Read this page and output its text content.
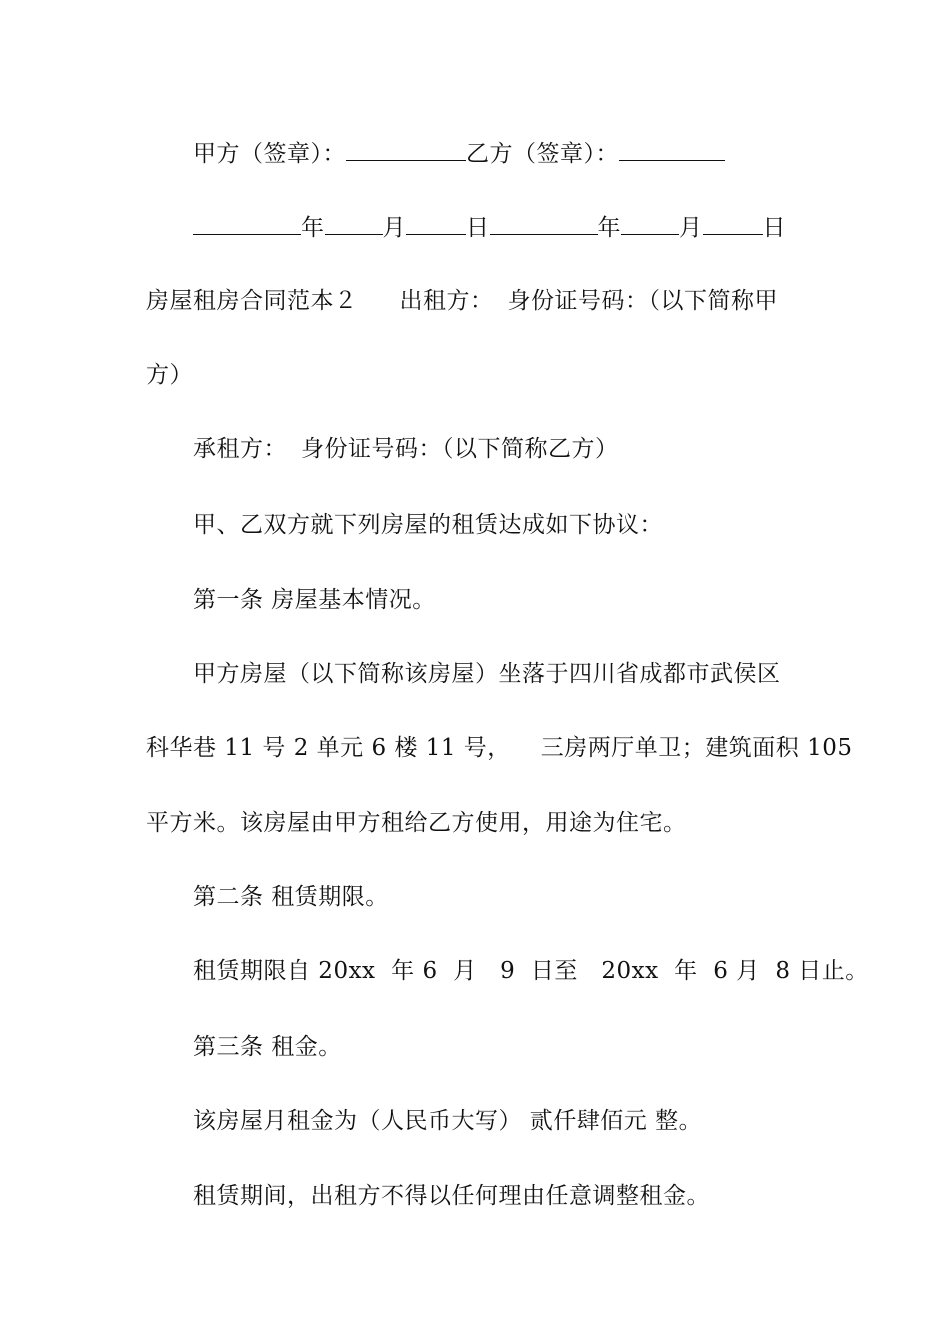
甲方（签章）：	乙方（签章）：
年	月	日	年	月	日
房屋租房合同范本２ 出租方： 身份证号码：（以下简称甲
方）
承租方： 身份证号码：（以下简称乙方）
甲、乙双方就下列房屋的租赁达成如下协议：
第一条 房屋基本情况。
甲方房屋（以下简称该房屋）坐落于四川省成都市武侯区
科华巷 11 号 2 单元 6 楼 11 号， 三房两厅单卫；建筑面积 105
平方米。该房屋由甲方租给乙方使用，用途为住宅。
第二条 租赁期限。
租赁期限自 20xx  年 6  月   9  日至   20xx  年  6 月  8 日止。
第三条 租金。
该房屋月租金为（人民币大写） 贰仟肆佰元 整。
租赁期间，出租方不得以任何理由任意调整租金。
